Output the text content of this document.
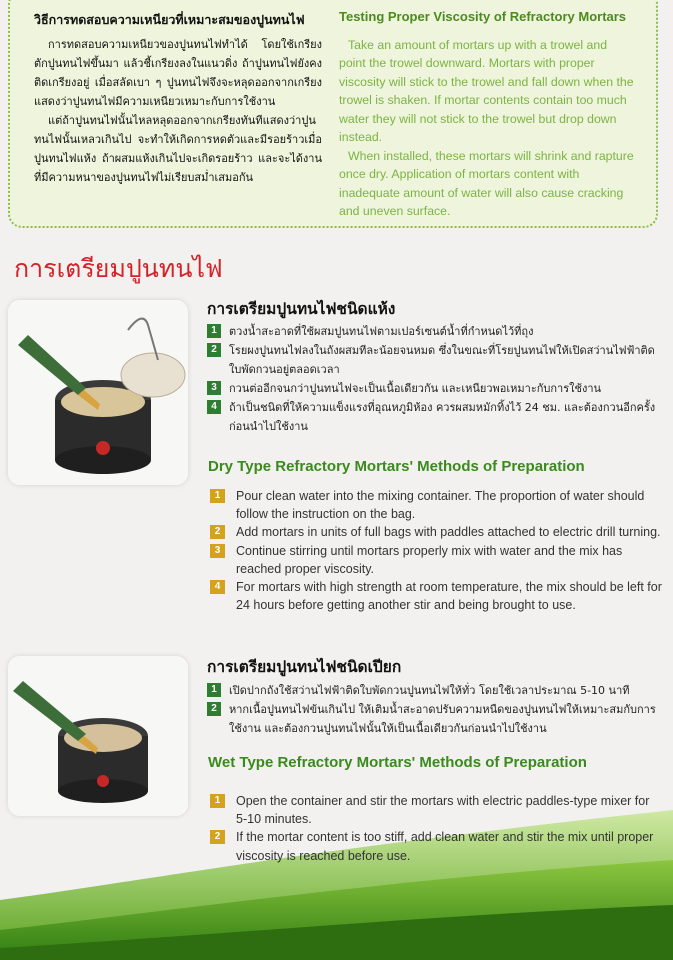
วิธีการทดสอบความเหนียวที่เหมาะสมของปูนทนไฟ

การทดสอบความเหนียวของปูนทนไฟทำได้ โดยใช้เกรียงตักปูนทนไฟขึ้นมา แล้วชี้เกรียงลงในแนวดิ่ง ถ้าปูนทนไฟยังคงติดเกรียงอยู่ เมื่อสลัดเบา ๆ ปูนทนไฟจึงจะหลุดออกจากเกรียง แสดงว่าปูนทนไฟมีความเหนียวเหมาะกับการใช้งาน

แต่ถ้าปูนทนไฟนั้นไหลหลุดออกจากเกรียงทันทีแสดงว่าปูนทนไฟนั้นเหลวเกินไป จะทำให้เกิดการหดตัวและมีรอยร้าวเมื่อปูนทนไฟแห้ง ถ้าผสมแห้งเกินไปจะเกิดรอยร้าว และจะได้งานที่มีความหนาของปูนทนไฟไม่เรียบสม่ำเสมอกัน

Testing Proper Viscosity of Refractory Mortars

Take an amount of mortars up with a trowel and point the trowel downward. Mortars with proper viscosity will stick to the trowel and fall down when the trowel is shaken. If mortar contents contain too much water they will not stick to the trowel but drop down instead.

When installed, these mortars will shrink and rapture once dry. Application of mortars content with inadequate amount of water will also cause cracking and uneven surface.

การเตรียมปูนทนไฟ
การเตรียมปูนทนไฟชนิดแห้ง
1	ตวงน้ำสะอาดที่ใช้ผสมปูนทนไฟตามเปอร์เซนต์น้ำที่กำหนดไว้ที่ถุง
2	โรยผงปูนทนไฟลงในถังผสมทีละน้อยจนหมด ซึ่งในขณะที่โรยปูนทนไฟให้เปิดสว่านไฟฟ้าติดใบพัดกวนอยู่ตลอดเวลา
3	กวนต่ออีกจนกว่าปูนทนไฟจะเป็นเนื้อเดียวกัน และเหนียวพอเหมาะกับการใช้งาน
4	ถ้าเป็นชนิดที่ให้ความแข็งแรงที่อุณหภูมิห้อง ควรผสมหมักทิ้งไว้ 24 ชม. และต้องกวนอีกครั้งก่อนนำไปใช้งาน
Dry Type Refractory Mortars' Methods of Preparation
1	Pour clean water into the mixing container. The proportion of water should follow the instruction on the bag.
2	Add mortars in units of full bags with paddles attached to electric drill turning.
3	Continue stirring until mortars properly mix with water and the mix has reached proper viscosity.
4	For mortars with high strength at room temperature, the mix should be left for 24 hours before getting another stir and being brought to use.
การเตรียมปูนทนไฟชนิดเปียก
1	เปิดปากถังใช้สว่านไฟฟ้าติดใบพัดกวนปูนทนไฟให้ทั่ว โดยใช้เวลาประมาณ 5-10 นาที
2	หากเนื้อปูนทนไฟข้นเกินไป ให้เติมน้ำสะอาดปรับความหนืดของปูนทนไฟให้เหมาะสมกับการใช้งาน และต้องกวนปูนทนไฟนั้นให้เป็นเนื้อเดียวกันก่อนนำไปใช้งาน
Wet Type Refractory Mortars' Methods of Preparation
1	Open the container and stir the mortars with electric paddles-type mixer for 5-10 minutes.
2	If the mortar content is too stiff, add clean water and stir the mix until proper viscosity is reached before use.
